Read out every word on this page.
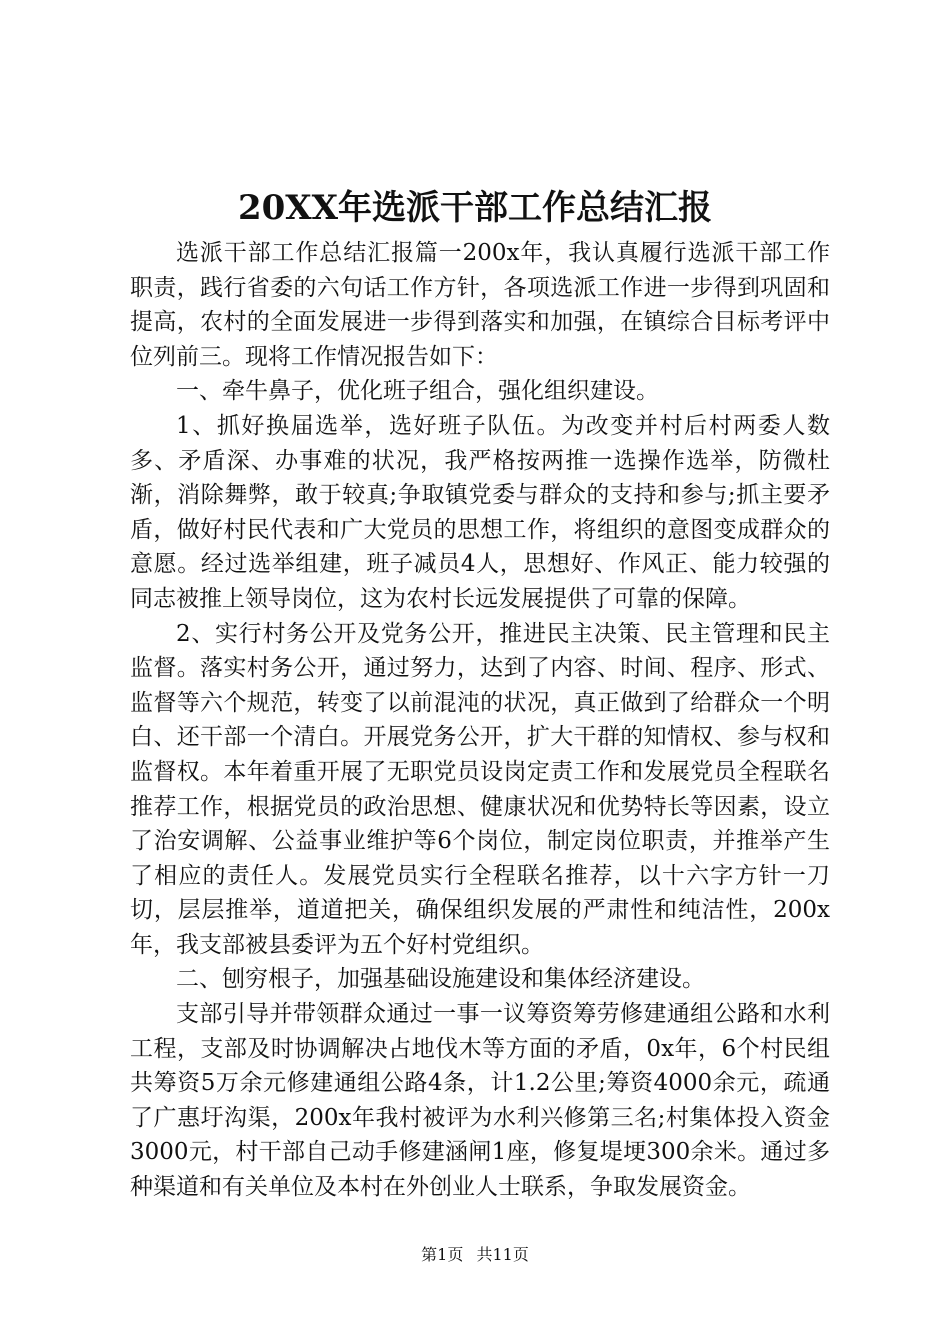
20XX年选派干部工作总结汇报

选派干部工作总结汇报篇一200x年，我认真履行选派干部工作职责，践行省委的六句话工作方针，各项选派工作进一步得到巩固和提高，农村的全面发展进一步得到落实和加强，在镇综合目标考评中位列前三。现将工作情况报告如下：

一、牵牛鼻子，优化班子组合，强化组织建设。

1、抓好换届选举，选好班子队伍。为改变并村后村两委人数多、矛盾深、办事难的状况，我严格按两推一选操作选举，防微杜渐，消除舞弊，敢于较真;争取镇党委与群众的支持和参与;抓主要矛盾，做好村民代表和广大党员的思想工作，将组织的意图变成群众的意愿。经过选举组建，班子减员4人，思想好、作风正、能力较强的同志被推上领导岗位，这为农村长远发展提供了可靠的保障。

2、实行村务公开及党务公开，推进民主决策、民主管理和民主监督。落实村务公开，通过努力，达到了内容、时间、程序、形式、监督等六个规范，转变了以前混沌的状况，真正做到了给群众一个明白、还干部一个清白。开展党务公开，扩大干群的知情权、参与权和监督权。本年着重开展了无职党员设岗定责工作和发展党员全程联名推荐工作，根据党员的政治思想、健康状况和优势特长等因素，设立了治安调解、公益事业维护等6个岗位，制定岗位职责，并推举产生了相应的责任人。发展党员实行全程联名推荐，以十六字方针一刀切，层层推举，道道把关，确保组织发展的严肃性和纯洁性，200x年，我支部被县委评为五个好村党组织。

二、刨穷根子，加强基础设施建设和集体经济建设。

支部引导并带领群众通过一事一议筹资筹劳修建通组公路和水利工程，支部及时协调解决占地伐木等方面的矛盾，0x年，6个村民组共筹资5万余元修建通组公路4条，计1.2公里;筹资4000余元，疏通了广惠圩沟渠，200x年我村被评为水利兴修第三名;村集体投入资金3000元，村干部自己动手修建涵闸1座，修复堤埂300余米。通过多种渠道和有关单位及本村在外创业人士联系，争取发展资金。

第1页 共11页
